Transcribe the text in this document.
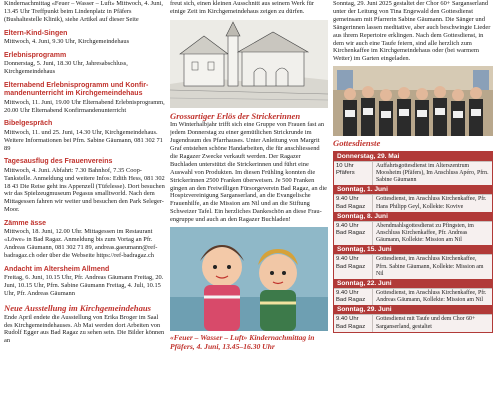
Kindernachmittag «Feuer – Wasser – Luft» Mittwoch, 4. Juni, 13.45 Uhr Treffpunkt beim Lindenplatz in Pfäfers (Bushaltestelle Klinik), siehe Artikel auf dieser Seite

Eltern-Kind-Singen

Mittwoch, 4. Juni, 9.30 Uhr, Kirchgemeindehaus

Erlebnisprogramm

Donnerstag, 5. Juni, 18.30 Uhr, Jahresabschluss, Kirchgemeindehaus

Elternabend Erlebnisprogramm und Konfirmandenunterricht im Kirchgemeindehaus

Mittwoch, 11. Juni, 19.00 Uhr Elternabend Erlebnisprogramm, 20.00 Uhr Elternabend Konfirmandenunterricht

Bibelgespräch

Mittwoch, 11. und 25. Juni, 14.30 Uhr, Kirchgemeindehaus. Weitere Informationen bei Pfrn. Sabine Gäumann, 081 302 71 89

Tagesausflug des Frauenvereins

Mittwoch, 4. Juni. Abfahrt: 7.30 Bahnhof, 7.35 Coop-Tankstelle. Anmeldung und weitere Infos: Edith Hess, 081 302 18 43 Die Reise geht ins Appenzell (Tüfelesse). Dort besuchen wir das Spielzeugmuseum Pegasus smalltworld. Nach dem Mittagessen fahren wir weiter und besuchen den Park Seleger-Moor.

Zämme ässe

Mittwoch, 18. Juni, 12.00 Uhr. Mittagessen im Restaurant «Löwe» in Bad Ragaz. Anmeldung bis zum Vortag an Pfr. Andreas Gäumann, 081 302 71 89, andreas.gaeumann@ref-badragaz.ch oder über die Webseite https://ref-badragaz.ch

Andacht im Altersheim Allmend

Freitag, 6. Juni, 10.15 Uhr, Pfr. Andreas Gäumann Freitag, 20. Juni, 10.15 Uhr, Pfrn. Sabine Gäumann Freitag, 4. Juli, 10.15 Uhr, Pfr. Andreas Gäumann

Neue Ausstellung im Kirchgemeindehaus

Ende April endete die Ausstellung von Erika Broger im Saal des Kirchgemeindehauses. Ab Mai werden dort Arbeiten von Rudolf Egger aus Bad Ragaz zu sehen sein. Die Bilder können an

freut sich, einen kleinen Ausschnitt aus seinem Werk für einige Zeit im Kirchgemeindehaus zeigen zu dürfen.

Grossartiger Erlös der Strickerinnen

Im Winterhalbjahr trifft sich eine Gruppe von Frauen fast an jedem Donnerstag zu einer gemütlichen Strickrunde im Jugendraum des Pfarrhauses. Unter Anleitung von Margrit Graf entstehen schöne Handarbeiten, die für anschliessend die Ragazer Zwecke verkauft werden. Der Ragazer Buchladen unterstützt die Strickerinnen und führt eine Auswahl von Produkten. Im diesen Frühling konnten die Strickerinnen 2500 Franken überweisen. Je 500 Franken gingen an den Freiwilligen Fürsorgeverein Bad Ragaz, an die Hospizvereinigung Sarganserland, an die Evangelische Frauenhilfe, an die Mission am Nil und an die Stiftung Schweizer Tafel. Ein herzliches Dankeschön an diese Frauengruppe und auch an den Ragazer Buchladen!

«Feuer – Wasser – Luft» Kindernachmittag in Pfäfers, 4. Juni, 13.45–16.30 Uhr

Sonntag, 29. Juni 2025 gestaltet der Chor 60+ Sarganserland unter der Leitung von Tina Engewald den Gottesdienst gemeinsam mit Pfarrerin Sabine Gäumann. Die Sänger und Sängerinnen lassen meditative, aber auch beschwingte Lieder aus ihrem Repertoire erklingen. Nach dem Gottesdienst, in dem wir auch eine Taufe feiern, sind alle herzlich zum Kirchenkaffee im Kirchgemeindehaus oder (bei warmem Wetter) im Garten eingeladen.

Gottesdienste

Donnerstag, 29. Mai
10 Uhr
Pfäfers
Auffahrtsgottesdienst im Alterszentrum Moosheim (Pfäfers), Im Anschluss Apéro, Pfrn. Sabine Gäumann
Sonntag, 1. Juni
9.40 Uhr
Bad Ragaz
Gottesdienst, im Anschluss Kirchenkaffee, Pfr. Hans Philipp Geyl, Kollekte: Kovive
Sonntag, 8. Juni
9.40 Uhr
Bad Ragaz
Abendmahlsgottesdienst zu Pfingsten, im Anschluss Kirchenkaffee, Pfr. Andreas Gäumann, Kollekte: Mission am Nil
Sonntag, 15. Juni
9.40 Uhr
Bad Ragaz
Gottesdienst, im Anschluss Kirchenkaffee, Pfrn. Sabine Gäumann, Kollekte: Mission am Nil
Sonntag, 22. Juni
9.40 Uhr
Bad Ragaz
Gottesdienst, im Anschluss Kirchenkaffee, Pfr. Andreas Gäumann, Kollekte: Mission am Nil
Sonntag, 29. Juni
9.40 Uhr
Bad Ragaz
Gottesdienst mit Taufe und dem Chor 60+ Sarganserland, gestaltet
